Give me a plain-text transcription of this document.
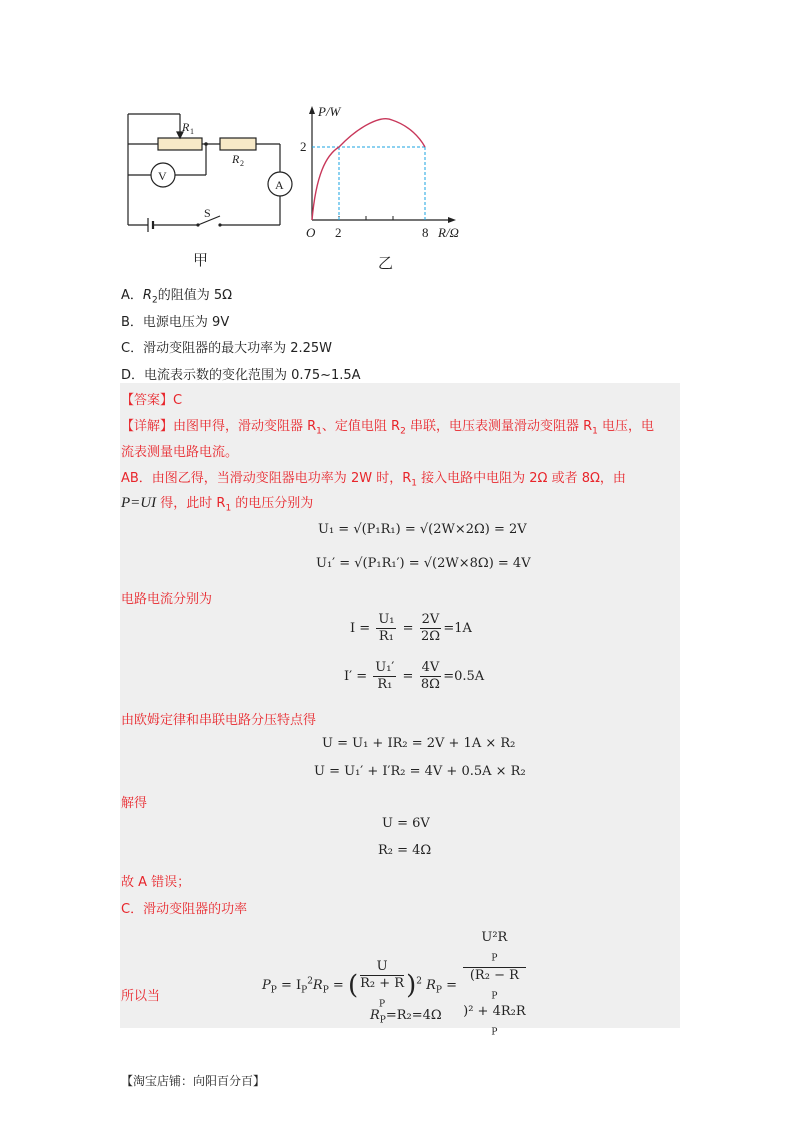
R 1
R 2
V
A
S
甲
P/W
2
O 2	8 R/Ω
乙
A．$R_2$的阻值为 5Ω
B．电源电压为 9V
C．滑动变阻器的最大功率为 2.25W
D．电流表示数的变化范围为 0.75~1.5A
【答案】C
【详解】由图甲得，滑动变阻器 $R_1$、定值电阻 $R_2$ 串联，电压表测量滑动变阻器 $R_1$ 电压，电
流表测量电路电流。
AB．由图乙得，当滑动变阻器电功率为 2W 时，$R_1$ 接入电路中电阻为 2Ω 或者 8Ω，由
P=UI 得，此时 $R_1$ 的电压分别为
U₁ = √(P₁R₁) = √(2W×2Ω) = 2V
U₁′ = √(P₁R₁′) = √(2W×8Ω) = 4V
电路电流分别为
$I = \frac{\text{U₁}}{\text{R₁}} = \frac{2V}{2\Omega} =1A$
$I' = \frac{\text{U₁′}}{\text{R₁}} = \frac{4V}{8\Omega} =0.5A$
由欧姆定律和串联电路分压特点得
U = U₁ + IR₂ = 2V + 1A × R₂
U = U₁′ + I′R₂ = 4V + 0.5A × R₂
解得
U = 6V
R₂ = 4Ω
故 A 错误；
C．滑动变阻器的功率
$P_P = I_P^2R_P$ = ( U
R₂ + R
$_P$ )$^2$ $R_P = U^2R$
$_P$
(R₂ − R
$_P$
)² + 4R₂R
$_P$
所以当
$R_P=R_2=4\Omega$
【淘宝店铺：向阳百分百】
